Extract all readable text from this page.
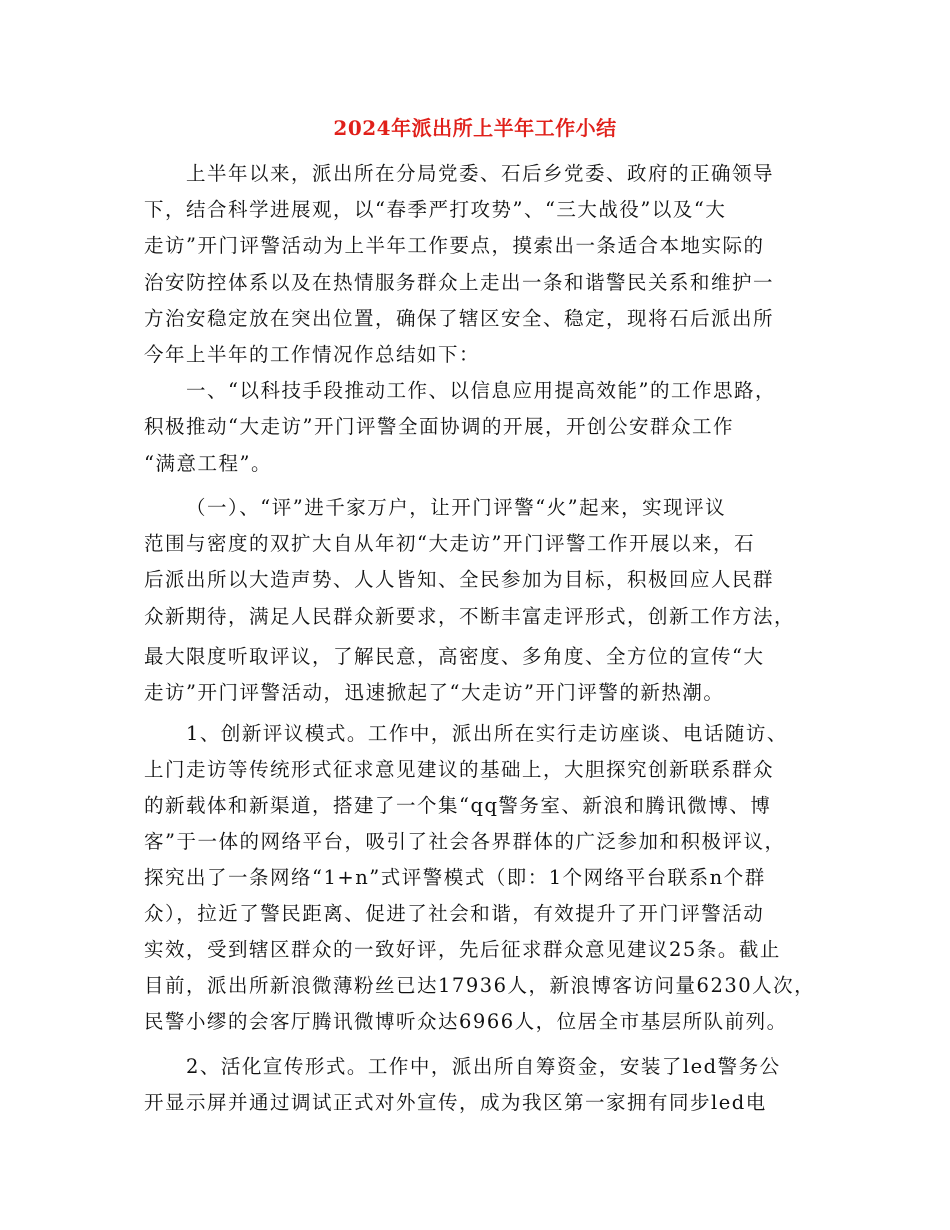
2024年派出所上半年工作小结
上半年以来，派出所在分局党委、石后乡党委、政府的正确领导
下，结合科学进展观，以“春季严打攻势”、“三大战役”以及“大
走访”开门评警活动为上半年工作要点，摸索出一条适合本地实际的
治安防控体系以及在热情服务群众上走出一条和谐警民关系和维护一
方治安稳定放在突出位置，确保了辖区安全、稳定，现将石后派出所
今年上半年的工作情况作总结如下：
一、“以科技手段推动工作、以信息应用提高效能”的工作思路，
积极推动“大走访”开门评警全面协调的开展，开创公安群众工作
“满意工程”。
（一）、“评”进千家万户，让开门评警“火”起来，实现评议
范围与密度的双扩大自从年初“大走访”开门评警工作开展以来，石
后派出所以大造声势、人人皆知、全民参加为目标，积极回应人民群
众新期待，满足人民群众新要求，不断丰富走评形式，创新工作方法，
最大限度听取评议，了解民意，高密度、多角度、全方位的宣传“大
走访”开门评警活动，迅速掀起了“大走访”开门评警的新热潮。
1、创新评议模式。工作中，派出所在实行走访座谈、电话随访、
上门走访等传统形式征求意见建议的基础上，大胆探究创新联系群众
的新载体和新渠道，搭建了一个集“qq警务室、新浪和腾讯微博、博
客”于一体的网络平台，吸引了社会各界群体的广泛参加和积极评议，
探究出了一条网络“1+n”式评警模式（即：1个网络平台联系n个群
众），拉近了警民距离、促进了社会和谐，有效提升了开门评警活动
实效，受到辖区群众的一致好评，先后征求群众意见建议25条。截止
目前，派出所新浪微薄粉丝已达17936人，新浪博客访问量6230人次，
民警小缪的会客厅腾讯微博听众达6966人，位居全市基层所队前列。
2、活化宣传形式。工作中，派出所自筹资金，安装了led警务公
开显示屏并通过调试正式对外宣传，成为我区第一家拥有同步led电
